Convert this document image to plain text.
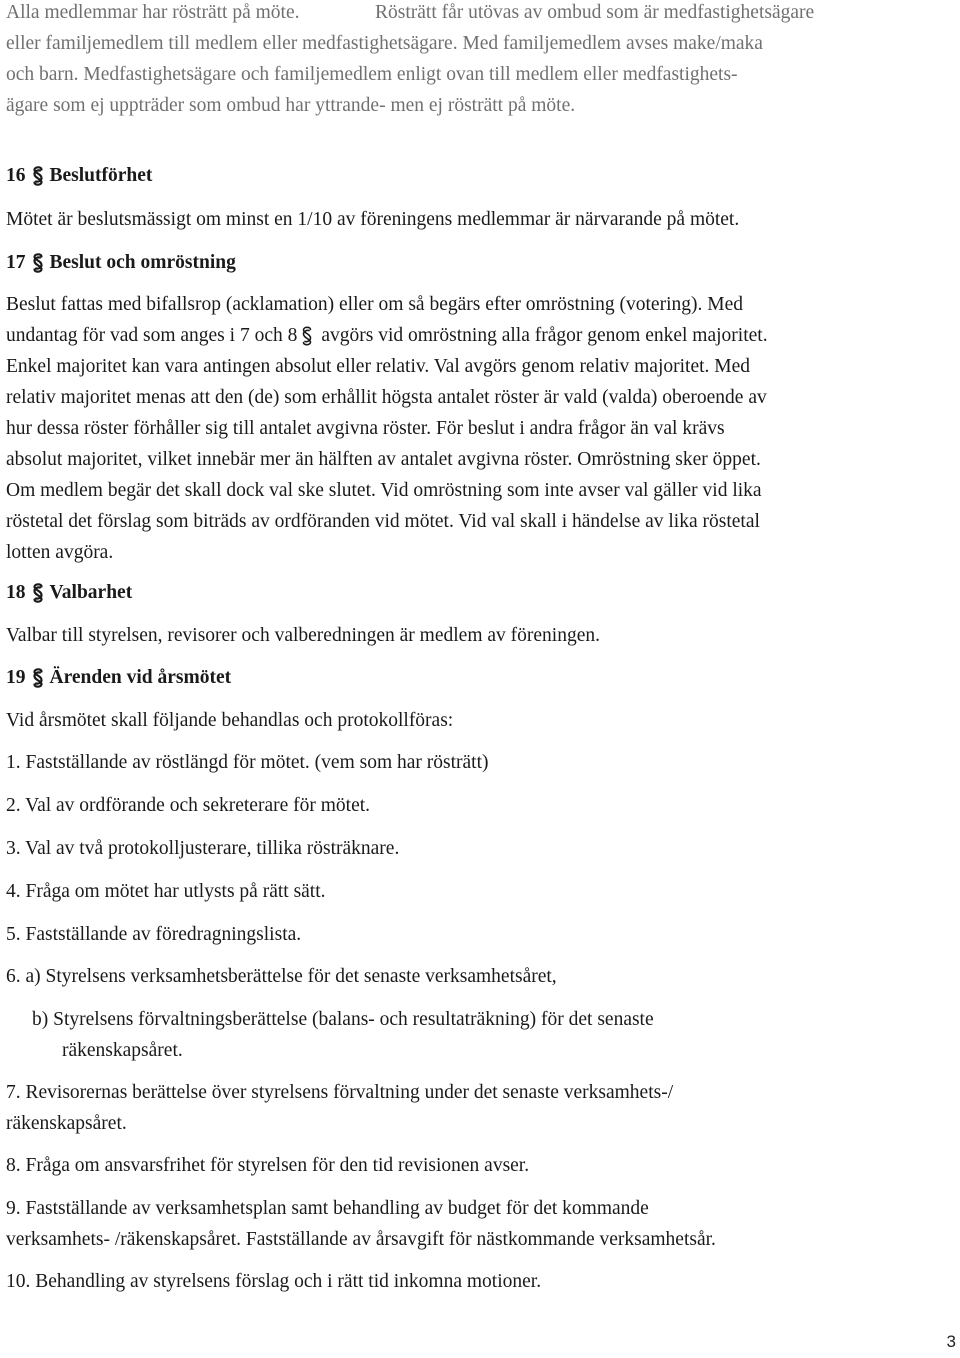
Alla medlemmar har rösträtt på möte.	Rösträtt får utövas av ombud som är medfastighetsägare
eller familjemedlem till medlem eller medfastighetsägare. Med familjemedlem avses make/maka
och barn. Medfastighetsägare och familjemedlem enligt ovan till medlem eller medfastighets-
ägare som ej uppträder som ombud har yttrande- men ej rösträtt på möte.
16 Beslutförhet
Mötet är beslutsmässigt om minst en 1/10 av föreningens medlemmar är närvarande på mötet.
17 Beslut och omröstning
Beslut fattas med bifallsrop (acklamation) eller om så begärs efter omröstning (votering). Med
undantag för vad som anges i 7 och 8 avgörs vid omröstning alla frågor genom enkel majoritet.
Enkel majoritet kan vara antingen absolut eller relativ. Val avgörs genom relativ majoritet. Med
relativ majoritet menas att den (de) som erhållit högsta antalet röster är vald (valda) oberoende av
hur dessa röster förhåller sig till antalet avgivna röster. För beslut i andra frågor än val krävs
absolut majoritet, vilket innebär mer än hälften av antalet avgivna röster. Omröstning sker öppet.
Om medlem begär det skall dock val ske slutet. Vid omröstning som inte avser val gäller vid lika
röstetal det förslag som biträds av ordföranden vid mötet. Vid val skall i händelse av lika röstetal
lotten avgöra.
18 Valbarhet
Valbar till styrelsen, revisorer och valberedningen är medlem av föreningen.
19 Ärenden vid årsmötet
Vid årsmötet skall följande behandlas och protokollföras:
1. Fastställande av röstlängd för mötet. (vem som har rösträtt)
2. Val av ordförande och sekreterare för mötet.
3. Val av två protokolljusterare, tillika rösträknare.
4. Fråga om mötet har utlysts på rätt sätt.
5. Fastställande av föredragningslista.
6. a) Styrelsens verksamhetsberättelse för det senaste verksamhetsåret,
b) Styrelsens förvaltningsberättelse (balans- och resultaträkning) för det senaste
räkenskapsåret.
7. Revisorernas berättelse över styrelsens förvaltning under det senaste verksamhets-/
räkenskapsåret.
8. Fråga om ansvarsfrihet för styrelsen för den tid revisionen avser.
9. Fastställande av verksamhetsplan samt behandling av budget för det kommande
verksamhets- /räkenskapsåret. Fastställande av årsavgift för nästkommande verksamhetsår.
10. Behandling av styrelsens förslag och i rätt tid inkomna motioner.
3
